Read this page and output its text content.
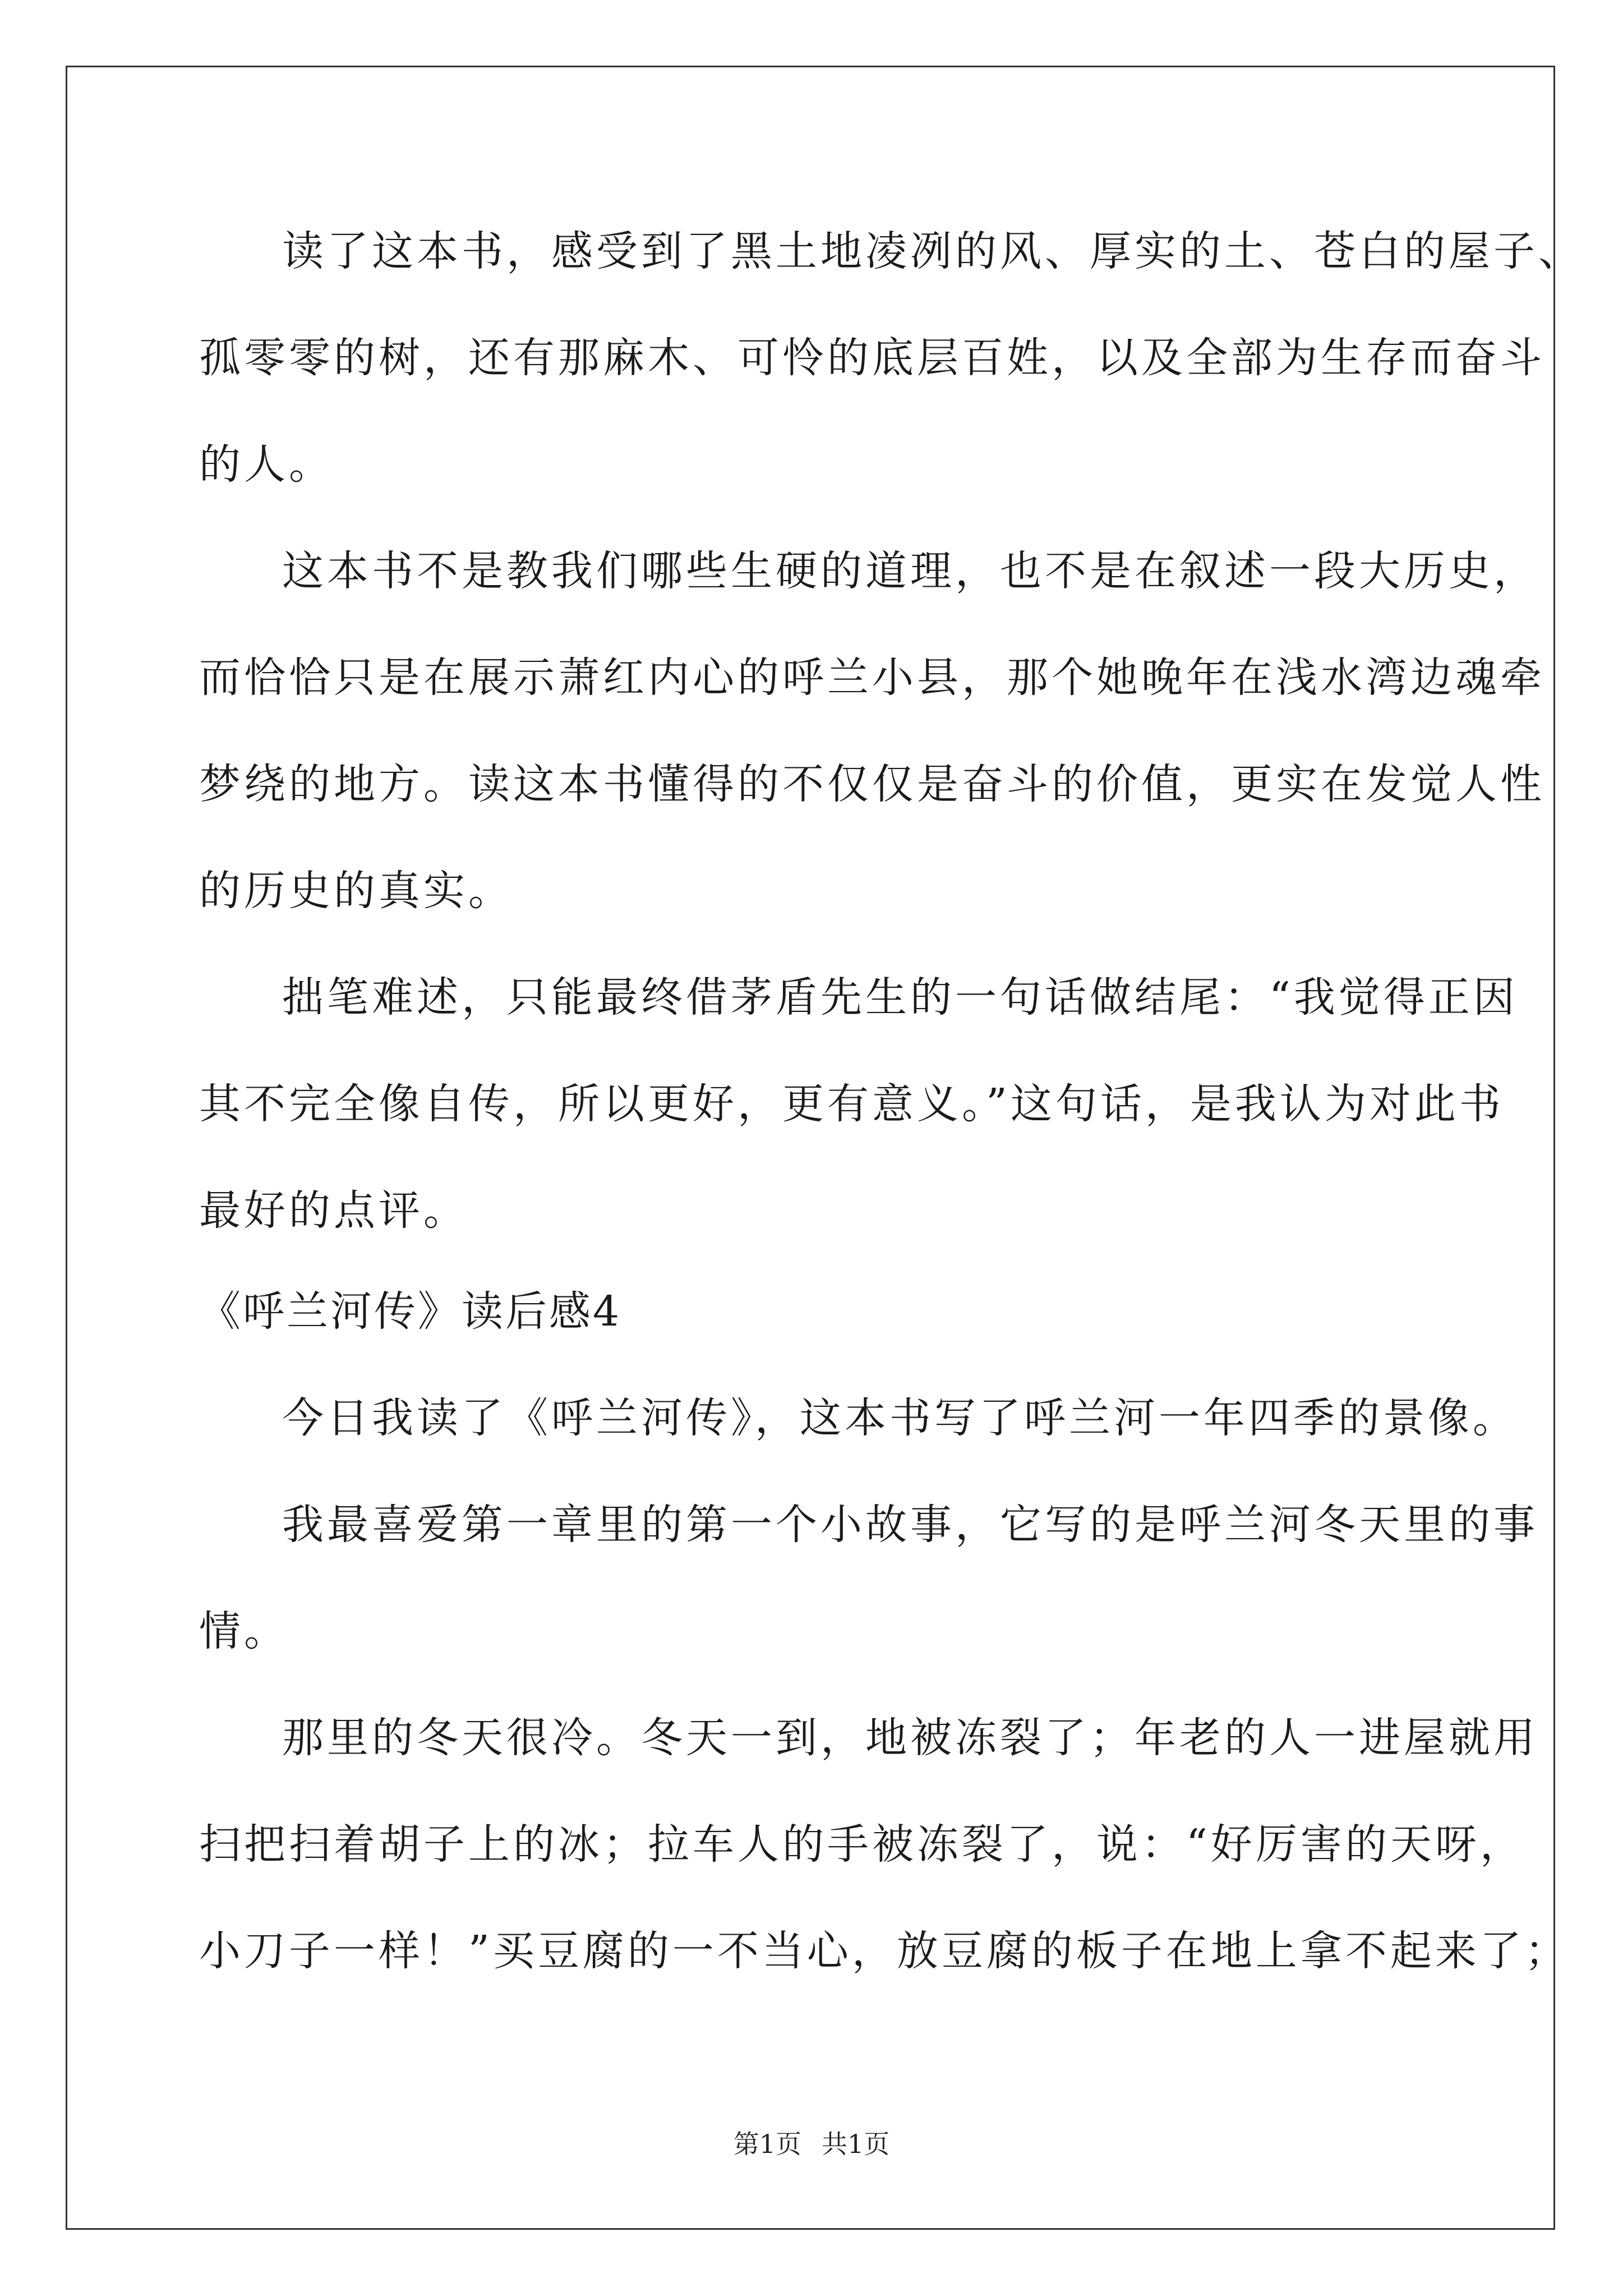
读了这本书，感受到了黑土地凌冽的风、厚实的土、苍白的屋子、
孤零零的树，还有那麻木、可怜的底层百姓，以及全部为生存而奋斗
的人。
这本书不是教我们哪些生硬的道理，也不是在叙述一段大历史，
而恰恰只是在展示萧红内心的呼兰小县，那个她晚年在浅水湾边魂牵
梦绕的地方。读这本书懂得的不仅仅是奋斗的价值，更实在发觉人性
的历史的真实。
拙笔难述，只能最终借茅盾先生的一句话做结尾：“我觉得正因
其不完全像自传，所以更好，更有意义。”这句话，是我认为对此书
最好的点评。
《呼兰河传》读后感4
今日我读了《呼兰河传》，这本书写了呼兰河一年四季的景像。
我最喜爱第一章里的第一个小故事，它写的是呼兰河冬天里的事
情。
那里的冬天很冷。冬天一到，地被冻裂了；年老的人一进屋就用
扫把扫着胡子上的冰；拉车人的手被冻裂了，说：“好厉害的天呀，
小刀子一样！”买豆腐的一不当心，放豆腐的板子在地上拿不起来了；
第1页 共1页
